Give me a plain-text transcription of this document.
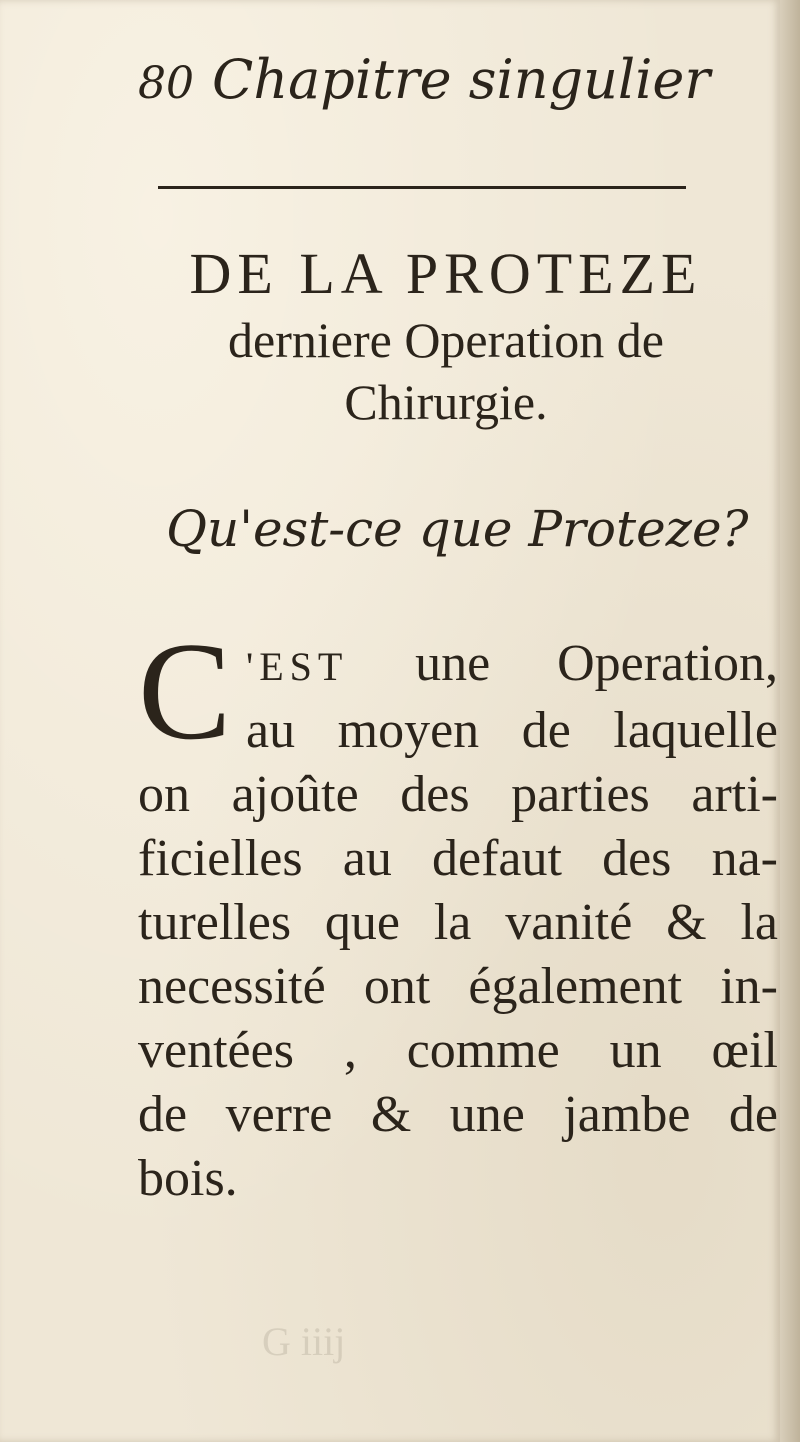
80 Chapitre singulier
DE LA PROTEZE
derniere Operation de
Chirurgie.
Qu'est-ce que Proteze?
C 'EST une Operation,
au moyen de laquelle
on ajoûte des parties arti-
ficielles au defaut des na-
turelles que la vanité & la
necessité ont également in-
ventées , comme un œil
de verre & une jambe de
bois.
G iiij
